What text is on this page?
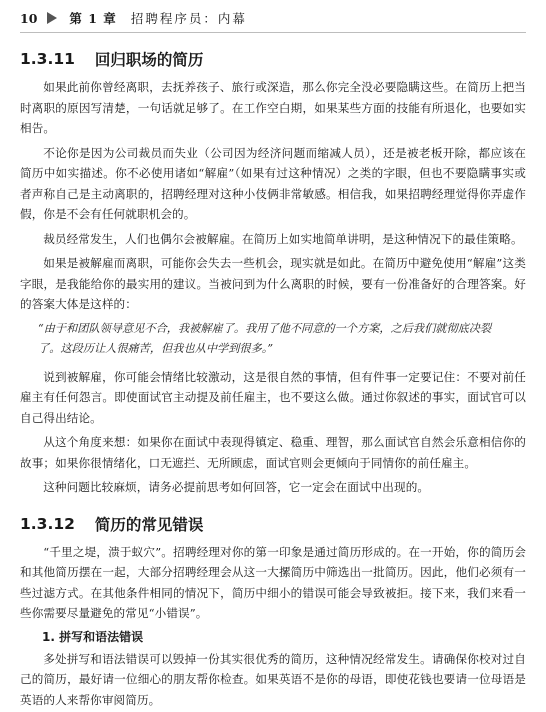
10	第 1 章 招聘程序员：内幕
1.3.11 回归职场的简历

如果此前你曾经离职，去抚养孩子、旅行或深造，那么你完全没必要隐瞒这些。在简历上把当时离职的原因写清楚，一句话就足够了。在工作空白期，如果某些方面的技能有所退化，也要如实相告。

不论你是因为公司裁员而失业（公司因为经济问题而缩减人员），还是被老板开除，都应该在简历中如实描述。你不必使用诸如“解雇”（如果有过这种情况）之类的字眼，但也不要隐瞒事实或者声称自己是主动离职的，招聘经理对这种小伎俩非常敏感。相信我，如果招聘经理觉得你弄虚作假，你是不会有任何就职机会的。

裁员经常发生，人们也偶尔会被解雇。在简历上如实地简单讲明，是这种情况下的最佳策略。

如果是被解雇而离职，可能你会失去一些机会，现实就是如此。在简历中避免使用“解雇”这类字眼，是我能给你的最实用的建议。当被问到为什么离职的时候，要有一份准备好的合理答案。好的答案大体是这样的：

“由于和团队领导意见不合，我被解雇了。我用了他不同意的一个方案，之后我们就彻底决裂了。这段历让人很痛苦，但我也从中学到很多。”

说到被解雇，你可能会情绪比较激动，这是很自然的事情，但有件事一定要记住：不要对前任雇主有任何怨言。即使面试官主动提及前任雇主，也不要这么做。通过你叙述的事实，面试官可以自己得出结论。

从这个角度来想：如果你在面试中表现得镇定、稳重、理智，那么面试官自然会乐意相信你的故事；如果你很情绪化，口无遮拦、无所顾虑，面试官则会更倾向于同情你的前任雇主。

这种问题比较麻烦，请务必提前思考如何回答，它一定会在面试中出现的。

1.3.12 简历的常见错误

“千里之堤，溃于蚁穴”。招聘经理对你的第一印象是通过简历形成的。在一开始，你的简历会和其他简历摆在一起，大部分招聘经理会从这一大摞简历中筛选出一批简历。因此，他们必须有一些过滤方式。在其他条件相同的情况下，简历中细小的错误可能会导致被拒。接下来，我们来看一些你需要尽量避免的常见“小错误”。

1. 拼写和语法错误

多处拼写和语法错误可以毁掉一份其实很优秀的简历，这种情况经常发生。请确保你校对过自己的简历，最好请一位细心的朋友帮你检查。如果英语不是你的母语，即使花钱也要请一位母语是英语的人来帮你审阅简历。
